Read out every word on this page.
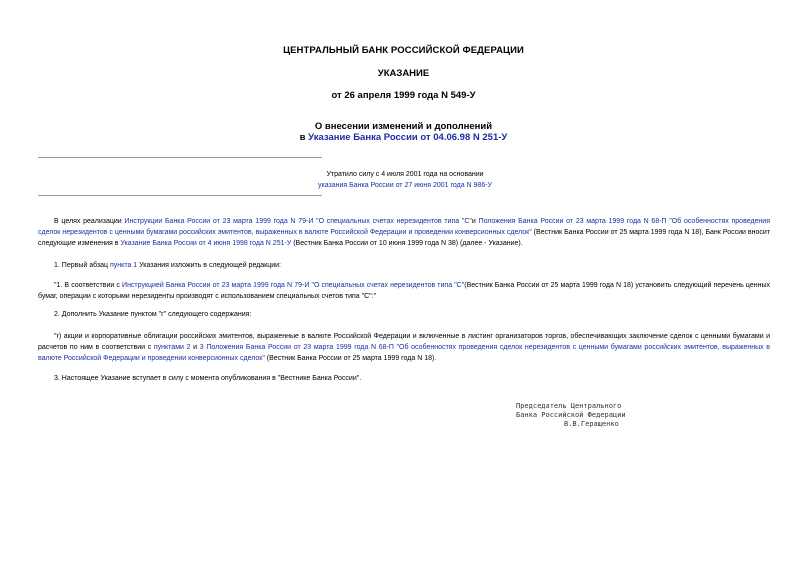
ЦЕНТРАЛЬНЫЙ БАНК РОССИЙСКОЙ ФЕДЕРАЦИИ
УКАЗАНИЕ
от 26 апреля 1999 года N 549-У
О внесении изменений и дополнений
в Указание Банка России от 04.06.98 N 251-У
Утратило силу с 4 июля 2001 года на основании
указания Банка России от 27 июня 2001 года N 986-У
В целях реализации Инструкции Банка России от 23 марта 1999 года N 79-И "О специальных счетах нерезидентов типа "С"и Положения Банка России от 23 марта 1999 года N 68-П "Об особенностях проведения сделок нерезидентов с ценными бумагами российских эмитентов, выраженных в валюте Российской Федерации и проведении конверсионных сделок" (Вестник Банка России от 25 марта 1999 года N 18), Банк России вносит следующие изменения в Указание Банка России от 4 июня 1998 года N 251-У (Вестник Банка России от 10 июня 1999 года N 38) (далее - Указание).
1. Первый абзац пункта 1 Указания изложить в следующей редакции:
"1. В соответствии с Инструкцией Банка России от 23 марта 1999 года N 79-И "О специальных счетах нерезидентов типа "С"(Вестник Банка России от 25 марта 1999 года N 18) установить следующий перечень ценных бумаг, операции с которыми нерезиденты производят с использованием специальных счетов типа "С":"
2. Дополнить Указание пунктом "г" следующего содержания:
"г) акции и корпоративные облигации российских эмитентов, выраженные в валюте Российской Федерации и включенные в листинг организаторов торгов, обеспечивающих заключение сделок с ценными бумагами и расчетов по ним в соответствии с пунктами 2 и 3 Положения Банка России от 23 марта 1999 года N 68-П "Об особенностях проведения сделок нерезидентов с ценными бумагами российских эмитентов, выраженных в валюте Российской Федерации и проведении конверсионных сделок" (Вестник Банка России от 25 марта 1999 года N 18).
3. Настоящее Указание вступает в силу с момента опубликования в "Вестнике Банка России".
Председатель Центрального
Банка Российской Федерации
В.В.Геращенко
